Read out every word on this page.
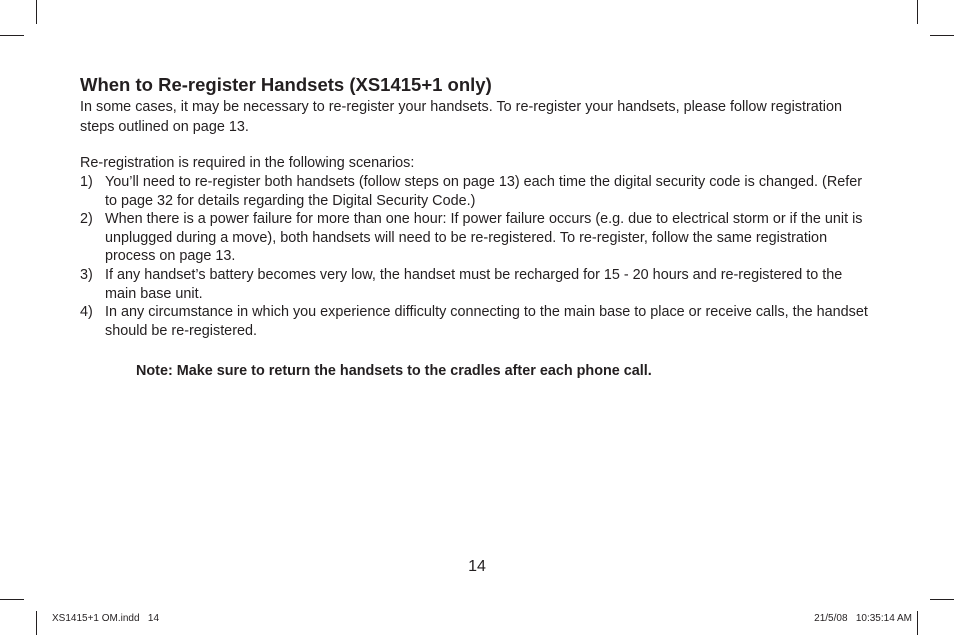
When to Re-register Handsets (XS1415+1 only)

In some cases, it may be necessary to re-register your handsets. To re-register your handsets, please follow registration steps outlined on page 13.

Re-registration is required in the following scenarios:

1) You’ll need to re-register both handsets (follow steps on page 13) each time the digital security code is changed. (Refer to page 32 for details regarding the Digital Security Code.)
2) When there is a power failure for more than one hour: If power failure occurs (e.g. due to electrical storm or if the unit is unplugged during a move), both handsets will need to be re-registered. To re-register, follow the same registration process on page 13.
3) If any handset’s battery becomes very low, the handset must be recharged for 15 - 20 hours and re-registered to the main base unit.
4) In any circumstance in which you experience difficulty connecting to the main base to place or receive calls, the handset should be re-registered.

Note: Make sure to return the handsets to the cradles after each phone call.

14
XS1415+1 OM.indd   14	21/5/08   10:35:14 AM
